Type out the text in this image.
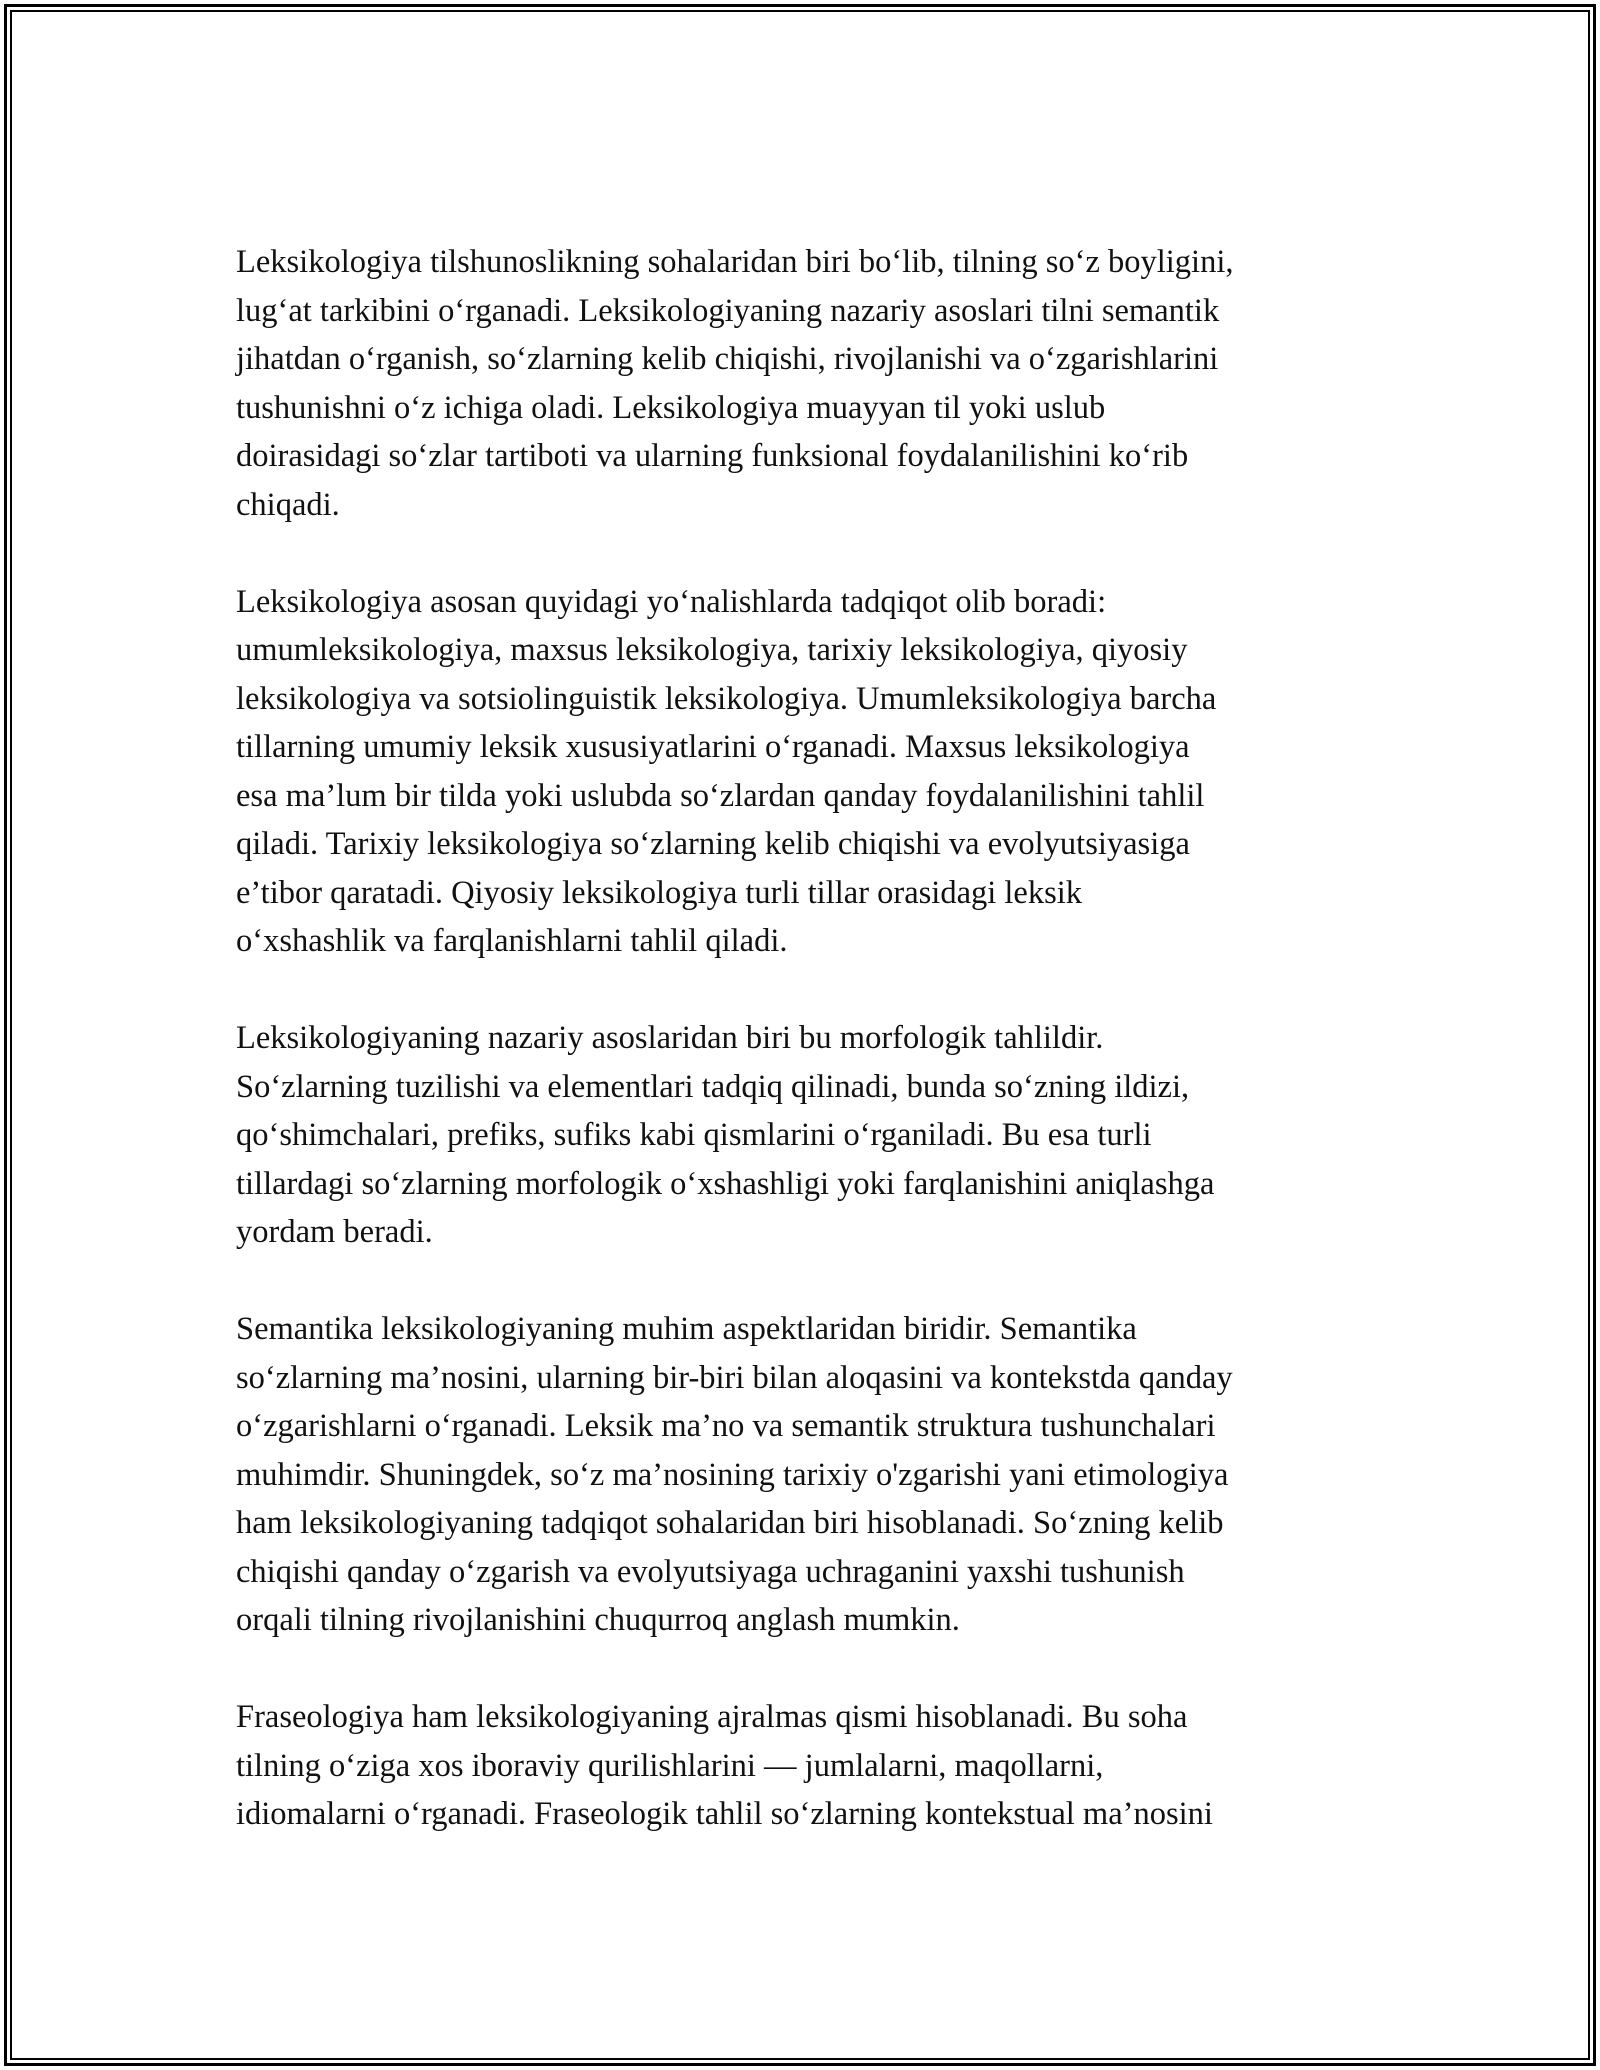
Leksikologiya tilshunoslikning sohalaridan biri bo‘lib, tilning so‘z boyligini,
lug‘at tarkibini o‘rganadi. Leksikologiyaning nazariy asoslari tilni semantik
jihatdan o‘rganish, so‘zlarning kelib chiqishi, rivojlanishi va o‘zgarishlarini
tushunishni o‘z ichiga oladi. Leksikologiya muayyan til yoki uslub
doirasidagi so‘zlar tartiboti va ularning funksional foydalanilishini ko‘rib
chiqadi.

Leksikologiya asosan quyidagi yo‘nalishlarda tadqiqot olib boradi:
umumleksikologiya, maxsus leksikologiya, tarixiy leksikologiya, qiyosiy
leksikologiya va sotsiolinguistik leksikologiya. Umumleksikologiya barcha
tillarning umumiy leksik xususiyatlarini o‘rganadi. Maxsus leksikologiya
esa ma’lum bir tilda yoki uslubda so‘zlardan qanday foydalanilishini tahlil
qiladi. Tarixiy leksikologiya so‘zlarning kelib chiqishi va evolyutsiyasiga
e’tibor qaratadi. Qiyosiy leksikologiya turli tillar orasidagi leksik
o‘xshashlik va farqlanishlarni tahlil qiladi.

Leksikologiyaning nazariy asoslaridan biri bu morfologik tahlildir.
So‘zlarning tuzilishi va elementlari tadqiq qilinadi, bunda so‘zning ildizi,
qo‘shimchalari, prefiks, sufiks kabi qismlarini o‘rganiladi. Bu esa turli
tillardagi so‘zlarning morfologik o‘xshashligi yoki farqlanishini aniqlashga
yordam beradi.

Semantika leksikologiyaning muhim aspektlaridan biridir. Semantika
so‘zlarning ma’nosini, ularning bir-biri bilan aloqasini va kontekstda qanday
o‘zgarishlarni o‘rganadi. Leksik ma’no va semantik struktura tushunchalari
muhimdir. Shuningdek, so‘z ma’nosining tarixiy o'zgarishi yani etimologiya
ham leksikologiyaning tadqiqot sohalaridan biri hisoblanadi. So‘zning kelib
chiqishi qanday o‘zgarish va evolyutsiyaga uchraganini yaxshi tushunish
orqali tilning rivojlanishini chuqurroq anglash mumkin.

Fraseologiya ham leksikologiyaning ajralmas qismi hisoblanadi. Bu soha
tilning o‘ziga xos iboraviy qurilishlarini — jumlalarni, maqollarni,
idiomalarni o‘rganadi. Fraseologik tahlil so‘zlarning kontekstual ma’nosini
